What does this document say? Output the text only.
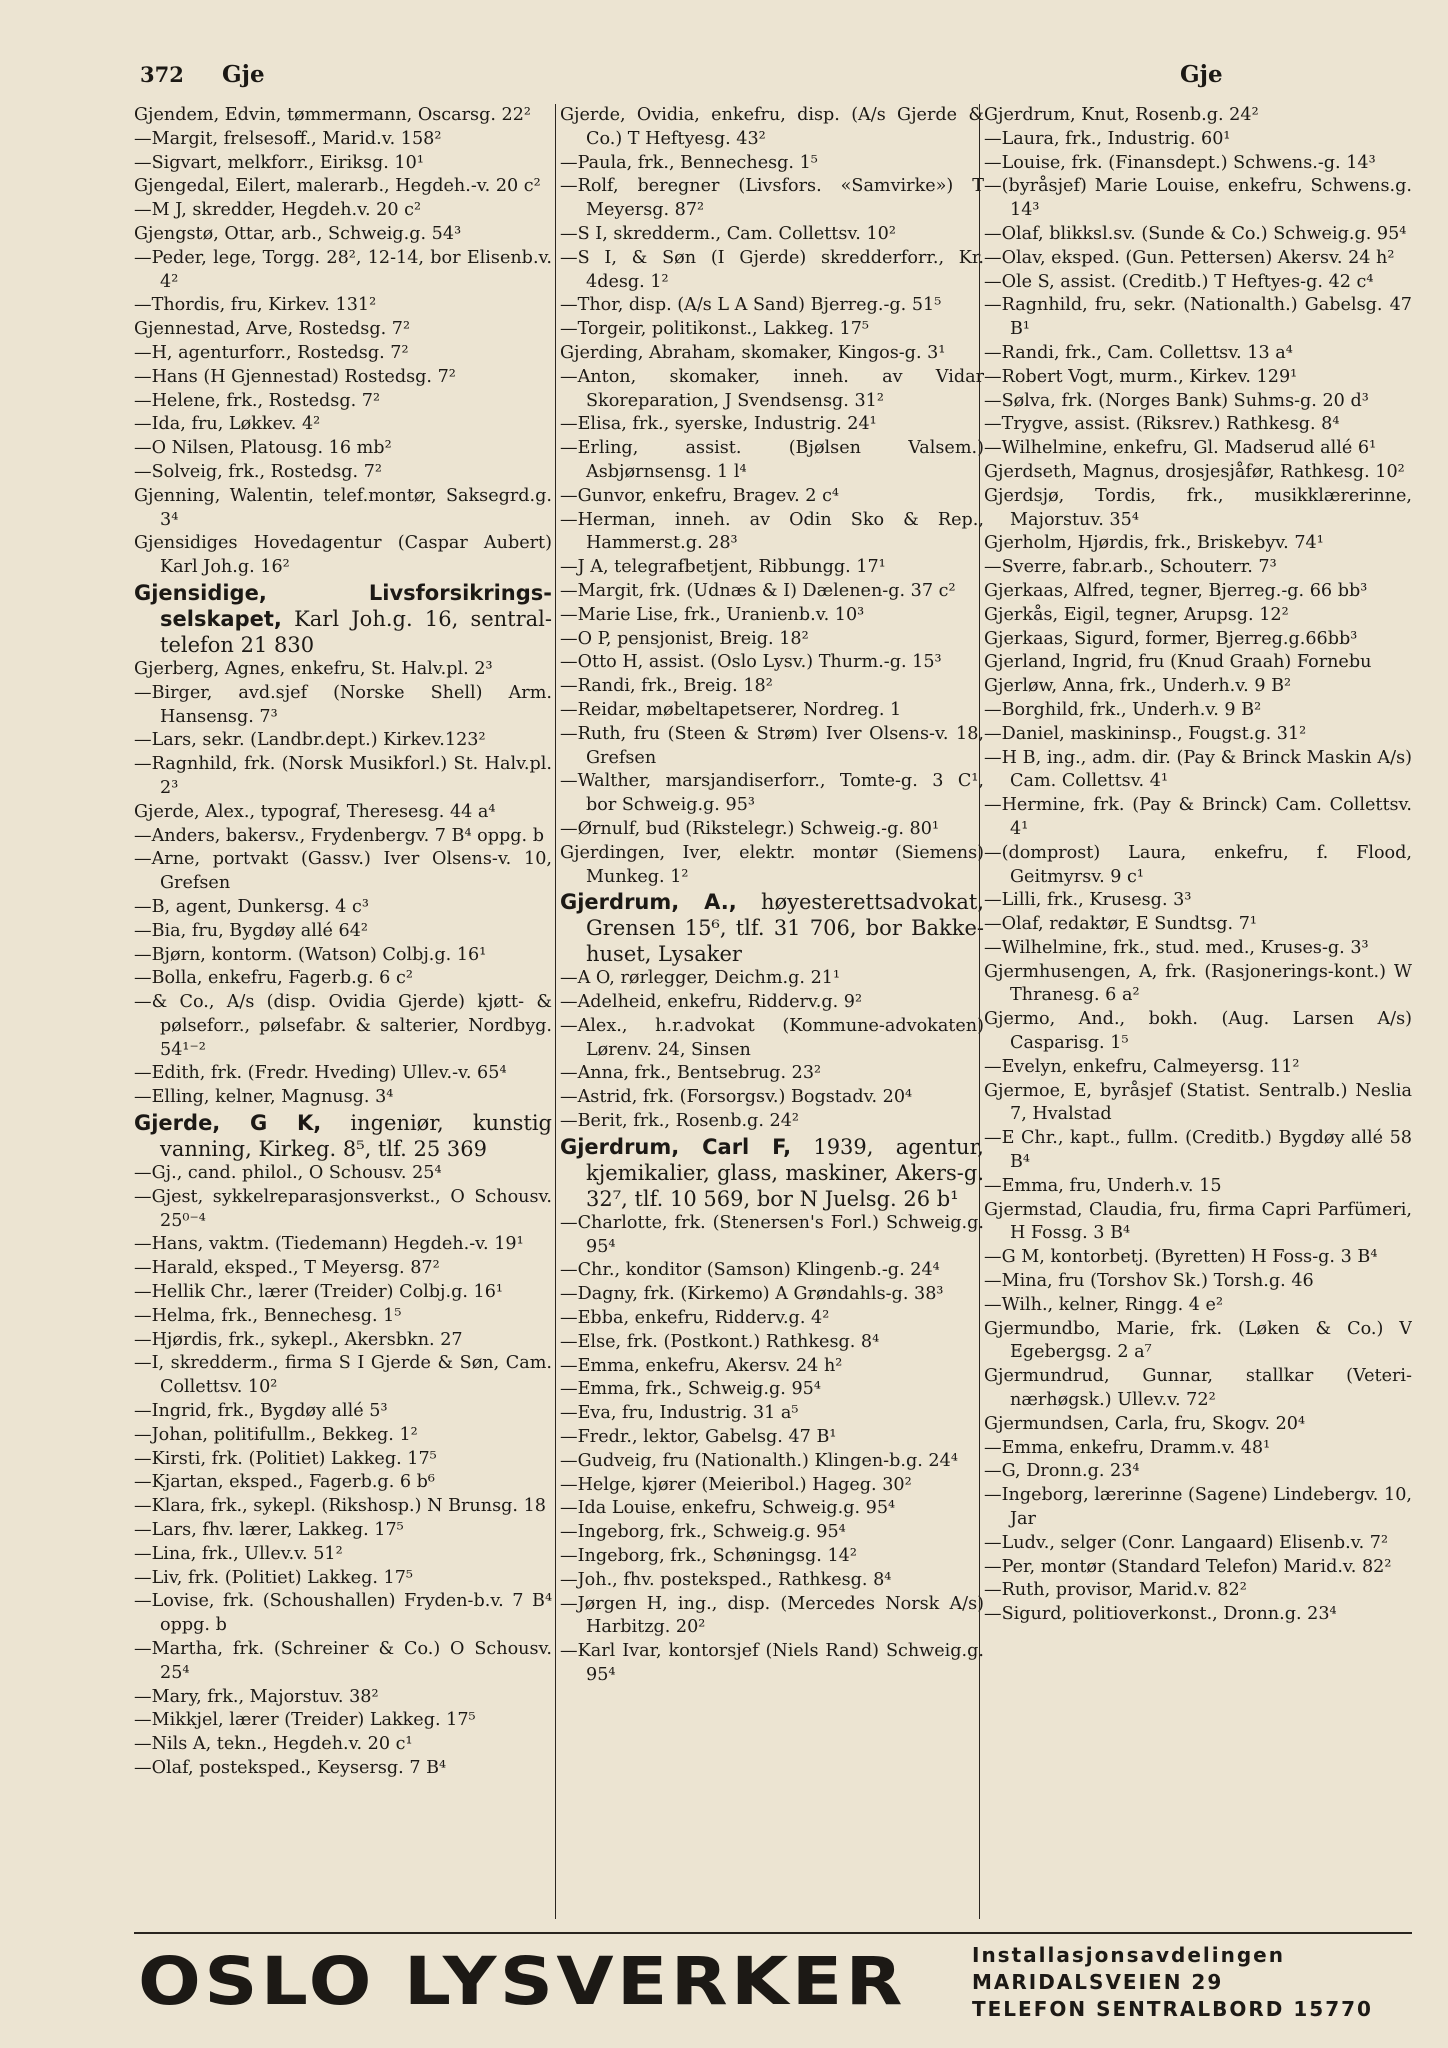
372 Gje	Gje

Gjendem, Edvin, tømmermann, Oscarsg. 22²

—Margit, frelsesoff., Marid.v. 158²

—Sigvart, melkforr., Eiriksg. 10¹

Gjengedal, Eilert, malerarb., Hegdeh.-v. 20 c²

—M J, skredder, Hegdeh.v. 20 c²

Gjengstø, Ottar, arb., Schweig.g. 54³

—Peder, lege, Torgg. 28², 12-14, bor Elisenb.v. 4²

—Thordis, fru, Kirkev. 131²

Gjennestad, Arve, Rostedsg. 7²

—H, agenturforr., Rostedsg. 7²

—Hans (H Gjennestad) Rostedsg. 7²

—Helene, frk., Rostedsg. 7²

—Ida, fru, Løkkev. 4²

—O Nilsen, Platousg. 16 mb²

—Solveig, frk., Rostedsg. 7²

Gjenning, Walentin, telef.montør, Saksegrd.g. 3⁴

Gjensidiges Hovedagentur (Caspar Aubert) Karl Joh.g. 16²

Gjensidige, Livsforsikrings-selskapet, Karl Joh.g. 16, sentral-telefon 21 830

Gjerberg, Agnes, enkefru, St. Halv.pl. 2³

—Birger, avd.sjef (Norske Shell) Arm. Hansensg. 7³

—Lars, sekr. (Landbr.dept.) Kirkev.123²

—Ragnhild, frk. (Norsk Musikforl.) St. Halv.pl. 2³

Gjerde, Alex., typograf, Theresesg. 44 a⁴

—Anders, bakersv., Frydenbergv. 7 B⁴ oppg. b

—Arne, portvakt (Gassv.) Iver Olsens-v. 10, Grefsen

—B, agent, Dunkersg. 4 c³

—Bia, fru, Bygdøy allé 64²

—Bjørn, kontorm. (Watson) Colbj.g. 16¹

—Bolla, enkefru, Fagerb.g. 6 c²

—& Co., A/s (disp. Ovidia Gjerde) kjøtt- & pølseforr., pølsefabr. & salterier, Nordbyg. 54¹⁻²

—Edith, frk. (Fredr. Hveding) Ullev.-v. 65⁴

—Elling, kelner, Magnusg. 3⁴

Gjerde, G K, ingeniør, kunstig vanning, Kirkeg. 8⁵, tlf. 25 369

—Gj., cand. philol., O Schousv. 25⁴

—Gjest, sykkelreparasjonsverkst., O Schousv. 25⁰⁻⁴

—Hans, vaktm. (Tiedemann) Hegdeh.-v. 19¹

—Harald, eksped., T Meyersg. 87²

—Hellik Chr., lærer (Treider) Colbj.g. 16¹

—Helma, frk., Bennechesg. 1⁵

—Hjørdis, frk., sykepl., Akersbkn. 27

—I, skredderm., firma S I Gjerde & Søn, Cam. Collettsv. 10²

—Ingrid, frk., Bygdøy allé 5³

—Johan, politifullm., Bekkeg. 1²

—Kirsti, frk. (Politiet) Lakkeg. 17⁵

—Kjartan, eksped., Fagerb.g. 6 b⁶

—Klara, frk., sykepl. (Rikshosp.) N Brunsg. 18

—Lars, fhv. lærer, Lakkeg. 17⁵

—Lina, frk., Ullev.v. 51²

—Liv, frk. (Politiet) Lakkeg. 17⁵

—Lovise, frk. (Schoushallen) Fryden-b.v. 7 B⁴ oppg. b

—Martha, frk. (Schreiner & Co.) O Schousv. 25⁴

—Mary, frk., Majorstuv. 38²

—Mikkjel, lærer (Treider) Lakkeg. 17⁵

—Nils A, tekn., Hegdeh.v. 20 c¹

—Olaf, posteksped., Keysersg. 7 B⁴

Gjerde, Ovidia, enkefru, disp. (A/s Gjerde & Co.) T Heftyesg. 43²

—Paula, frk., Bennechesg. 1⁵

—Rolf, beregner (Livsfors. «Samvirke») T Meyersg. 87²

—S I, skredderm., Cam. Collettsv. 10²

—S I, & Søn (I Gjerde) skredderforr., Kr. 4desg. 1²

—Thor, disp. (A/s L A Sand) Bjerreg.-g. 51⁵

—Torgeir, politikonst., Lakkeg. 17⁵

Gjerding, Abraham, skomaker, Kingos-g. 3¹

—Anton, skomaker, inneh. av Vidar Skoreparation, J Svendsensg. 31²

—Elisa, frk., syerske, Industrig. 24¹

—Erling, assist. (Bjølsen Valsem.) Asbjørnsensg. 1 l⁴

—Gunvor, enkefru, Bragev. 2 c⁴

—Herman, inneh. av Odin Sko & Rep., Hammerst.g. 28³

—J A, telegrafbetjent, Ribbungg. 17¹

—Margit, frk. (Udnæs & I) Dælenen-g. 37 c²

—Marie Lise, frk., Uranienb.v. 10³

—O P, pensjonist, Breig. 18²

—Otto H, assist. (Oslo Lysv.) Thurm.-g. 15³

—Randi, frk., Breig. 18²

—Reidar, møbeltapetserer, Nordreg. 1

—Ruth, fru (Steen & Strøm) Iver Olsens-v. 18, Grefsen

—Walther, marsjandiserforr., Tomte-g. 3 C¹, bor Schweig.g. 95³

—Ørnulf, bud (Rikstelegr.) Schweig.-g. 80¹

Gjerdingen, Iver, elektr. montør (Siemens) Munkeg. 1²

Gjerdrum, A., høyesterettsadvokat, Grensen 15⁶, tlf. 31 706, bor Bakke-huset, Lysaker

—A O, rørlegger, Deichm.g. 21¹

—Adelheid, enkefru, Ridderv.g. 9²

—Alex., h.r.advokat (Kommune-advokaten) Lørenv. 24, Sinsen

—Anna, frk., Bentsebrug. 23²

—Astrid, frk. (Forsorgsv.) Bogstadv. 20⁴

—Berit, frk., Rosenb.g. 24²

Gjerdrum, Carl F, 1939, agentur, kjemikalier, glass, maskiner, Akers-g. 32⁷, tlf. 10 569, bor N Juelsg. 26 b¹

—Charlotte, frk. (Stenersen's Forl.) Schweig.g. 95⁴

—Chr., konditor (Samson) Klingenb.-g. 24⁴

—Dagny, frk. (Kirkemo) A Grøndahls-g. 38³

—Ebba, enkefru, Ridderv.g. 4²

—Else, frk. (Postkont.) Rathkesg. 8⁴

—Emma, enkefru, Akersv. 24 h²

—Emma, frk., Schweig.g. 95⁴

—Eva, fru, Industrig. 31 a⁵

—Fredr., lektor, Gabelsg. 47 B¹

—Gudveig, fru (Nationalth.) Klingen-b.g. 24⁴

—Helge, kjører (Meieribol.) Hageg. 30²

—Ida Louise, enkefru, Schweig.g. 95⁴

—Ingeborg, frk., Schweig.g. 95⁴

—Ingeborg, frk., Schøningsg. 14²

—Joh., fhv. posteksped., Rathkesg. 8⁴

—Jørgen H, ing., disp. (Mercedes Norsk A/s) Harbitzg. 20²

—Karl Ivar, kontorsjef (Niels Rand) Schweig.g. 95⁴

Gjerdrum, Knut, Rosenb.g. 24²

—Laura, frk., Industrig. 60¹

—Louise, frk. (Finansdept.) Schwens.-g. 14³

—(byråsjef) Marie Louise, enkefru, Schwens.g. 14³

—Olaf, blikksl.sv. (Sunde & Co.) Schweig.g. 95⁴

—Olav, eksped. (Gun. Pettersen) Akersv. 24 h²

—Ole S, assist. (Creditb.) T Heftyes-g. 42 c⁴

—Ragnhild, fru, sekr. (Nationalth.) Gabelsg. 47 B¹

—Randi, frk., Cam. Collettsv. 13 a⁴

—Robert Vogt, murm., Kirkev. 129¹

—Sølva, frk. (Norges Bank) Suhms-g. 20 d³

—Trygve, assist. (Riksrev.) Rathkesg. 8⁴

—Wilhelmine, enkefru, Gl. Madserud allé 6¹

Gjerdseth, Magnus, drosjesjåfør, Rathkesg. 10²

Gjerdsjø, Tordis, frk., musikklærerinne, Majorstuv. 35⁴

Gjerholm, Hjørdis, frk., Briskebyv. 74¹

—Sverre, fabr.arb., Schouterr. 7³

Gjerkaas, Alfred, tegner, Bjerreg.-g. 66 bb³

Gjerkås, Eigil, tegner, Arupsg. 12²

Gjerkaas, Sigurd, former, Bjerreg.g.66bb³

Gjerland, Ingrid, fru (Knud Graah) Fornebu

Gjerløw, Anna, frk., Underh.v. 9 B²

—Borghild, frk., Underh.v. 9 B²

—Daniel, maskininsp., Fougst.g. 31²

—H B, ing., adm. dir. (Pay & Brinck Maskin A/s) Cam. Collettsv. 4¹

—Hermine, frk. (Pay & Brinck) Cam. Collettsv. 4¹

—(domprost) Laura, enkefru, f. Flood, Geitmyrsv. 9 c¹

—Lilli, frk., Krusesg. 3³

—Olaf, redaktør, E Sundtsg. 7¹

—Wilhelmine, frk., stud. med., Kruses-g. 3³

Gjermhusengen, A, frk. (Rasjonerings-kont.) W Thranesg. 6 a²

Gjermo, And., bokh. (Aug. Larsen A/s) Casparisg. 1⁵

—Evelyn, enkefru, Calmeyersg. 11²

Gjermoe, E, byråsjef (Statist. Sentralb.) Neslia 7, Hvalstad

—E Chr., kapt., fullm. (Creditb.) Bygdøy allé 58 B⁴

—Emma, fru, Underh.v. 15

Gjermstad, Claudia, fru, firma Capri Parfümeri, H Fossg. 3 B⁴

—G M, kontorbetj. (Byretten) H Foss-g. 3 B⁴

—Mina, fru (Torshov Sk.) Torsh.g. 46

—Wilh., kelner, Ringg. 4 e²

Gjermundbo, Marie, frk. (Løken & Co.) V Egebergsg. 2 a⁷

Gjermundrud, Gunnar, stallkar (Veteri-nærhøgsk.) Ullev.v. 72²

Gjermundsen, Carla, fru, Skogv. 20⁴

—Emma, enkefru, Dramm.v. 48¹

—G, Dronn.g. 23⁴

—Ingeborg, lærerinne (Sagene) Lindebergv. 10, Jar

—Ludv., selger (Conr. Langaard) Elisenb.v. 7²

—Per, montør (Standard Telefon) Marid.v. 82²

—Ruth, provisor, Marid.v. 82²

—Sigurd, politioverkonst., Dronn.g. 23⁴

OSLO LYSVERKER	Installasjonsavdelingen
MARIDALSVEIEN 29
TELEFON SENTRALBORD 15770
